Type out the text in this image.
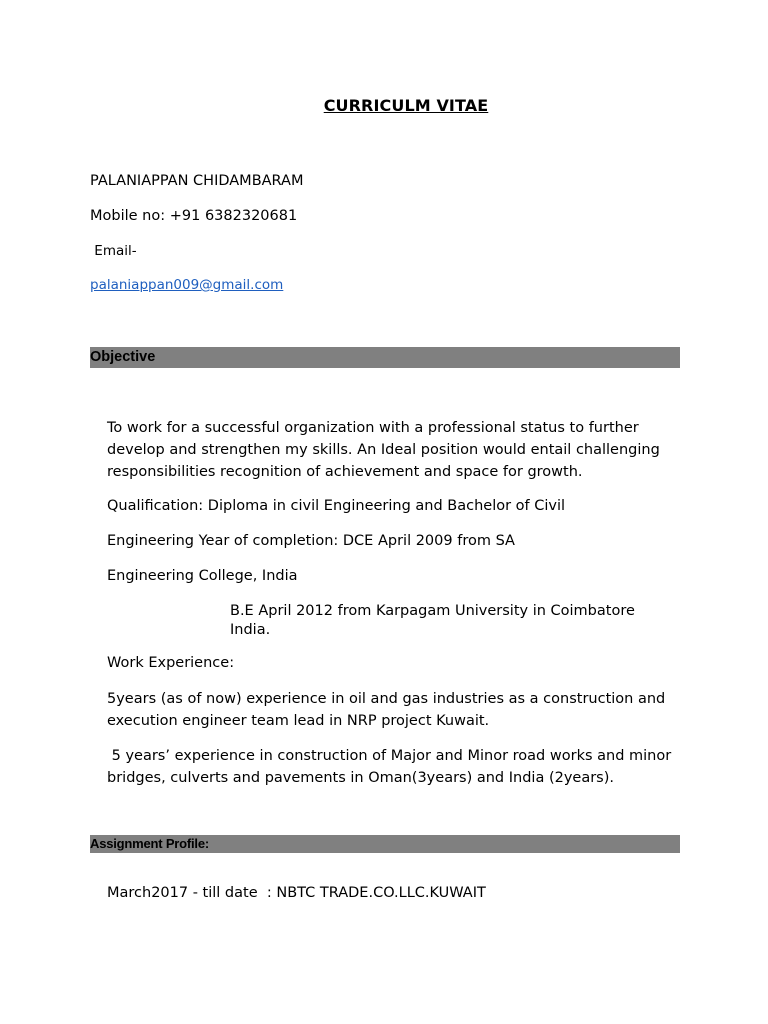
CURRICULM VITAE
PALANIAPPAN CHIDAMBARAM
Mobile no: +91 6382320681
Email-
palaniappan009@gmail.com
Objective
To work for a successful organization with a professional status to further develop and strengthen my skills. An Ideal position would entail challenging responsibilities recognition of achievement and space for growth.
Qualification: Diploma in civil Engineering and Bachelor of Civil
Engineering Year of completion: DCE April 2009 from SA
Engineering College, India
B.E April 2012 from Karpagam University in Coimbatore India.
Work Experience:
5years (as of now) experience in oil and gas industries as a construction and execution engineer team lead in NRP project Kuwait.
5 years’ experience in construction of Major and Minor road works and minor bridges, culverts and pavements in Oman(3years) and India (2years).
Assignment Profile:
March2017 - till date  : NBTC TRADE.CO.LLC.KUWAIT
